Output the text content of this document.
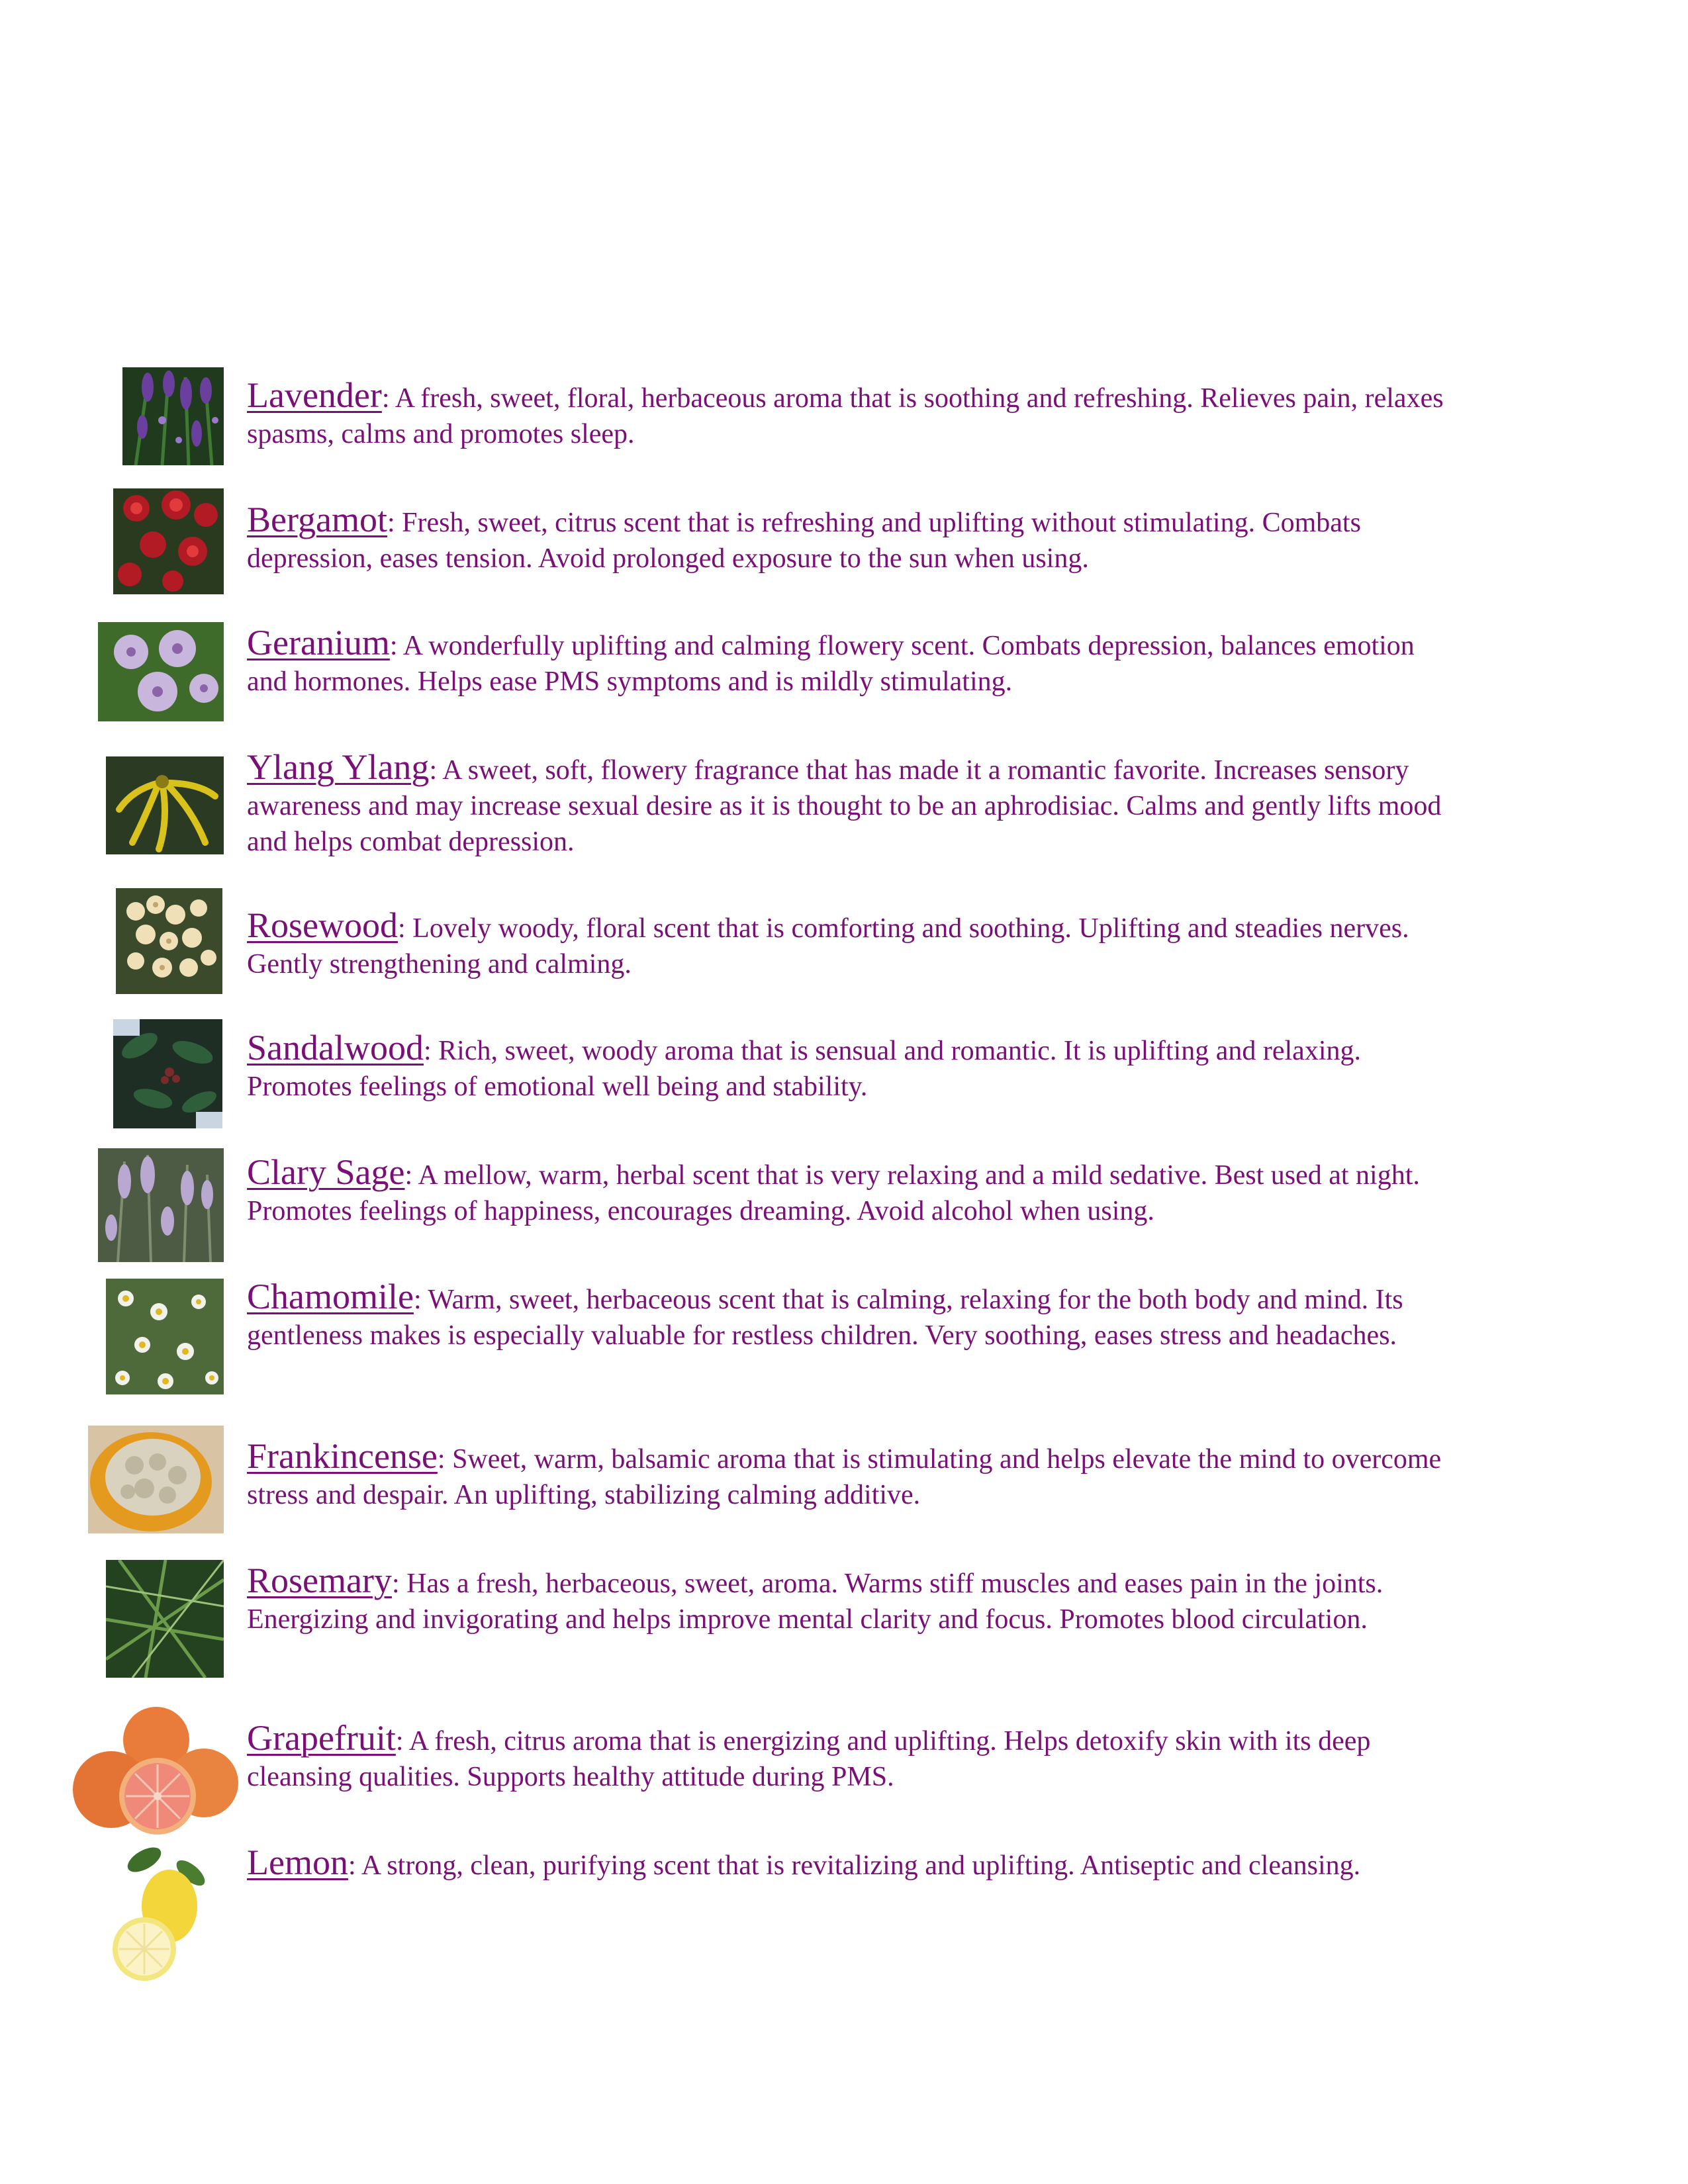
Lavender: A fresh, sweet, floral, herbaceous aroma that is soothing and refreshing. Relieves pain, relaxes spasms, calms and promotes sleep.

Bergamot: Fresh, sweet, citrus scent that is refreshing and uplifting without stimulating. Combats depression, eases tension. Avoid prolonged exposure to the sun when using.

Geranium: A wonderfully uplifting and calming flowery scent. Combats depression, balances emotion and hormones. Helps ease PMS symptoms and is mildly stimulating.

Ylang Ylang: A sweet, soft, flowery fragrance that has made it a romantic favorite. Increases sensory awareness and may increase sexual desire as it is thought to be an aphrodisiac. Calms and gently lifts mood and helps combat depression.

Rosewood: Lovely woody, floral scent that is comforting and soothing. Uplifting and steadies nerves. Gently strengthening and calming.

Sandalwood: Rich, sweet, woody aroma that is sensual and romantic. It is uplifting and relaxing. Promotes feelings of emotional well being and stability.

Clary Sage: A mellow, warm, herbal scent that is very relaxing and a mild sedative. Best used at night. Promotes feelings of happiness, encourages dreaming. Avoid alcohol when using.

Chamomile: Warm, sweet, herbaceous scent that is calming, relaxing for the both body and mind. Its gentleness makes is especially valuable for restless children. Very soothing, eases stress and headaches.

Frankincense: Sweet, warm, balsamic aroma that is stimulating and helps elevate the mind to overcome stress and despair. An uplifting, stabilizing calming additive.

Rosemary: Has a fresh, herbaceous, sweet, aroma. Warms stiff muscles and eases pain in the joints. Energizing and invigorating and helps improve mental clarity and focus. Promotes blood circulation.

Grapefruit: A fresh, citrus aroma that is energizing and uplifting. Helps detoxify skin with its deep cleansing qualities. Supports healthy attitude during PMS.

Lemon: A strong, clean, purifying scent that is revitalizing and uplifting. Antiseptic and cleansing.
